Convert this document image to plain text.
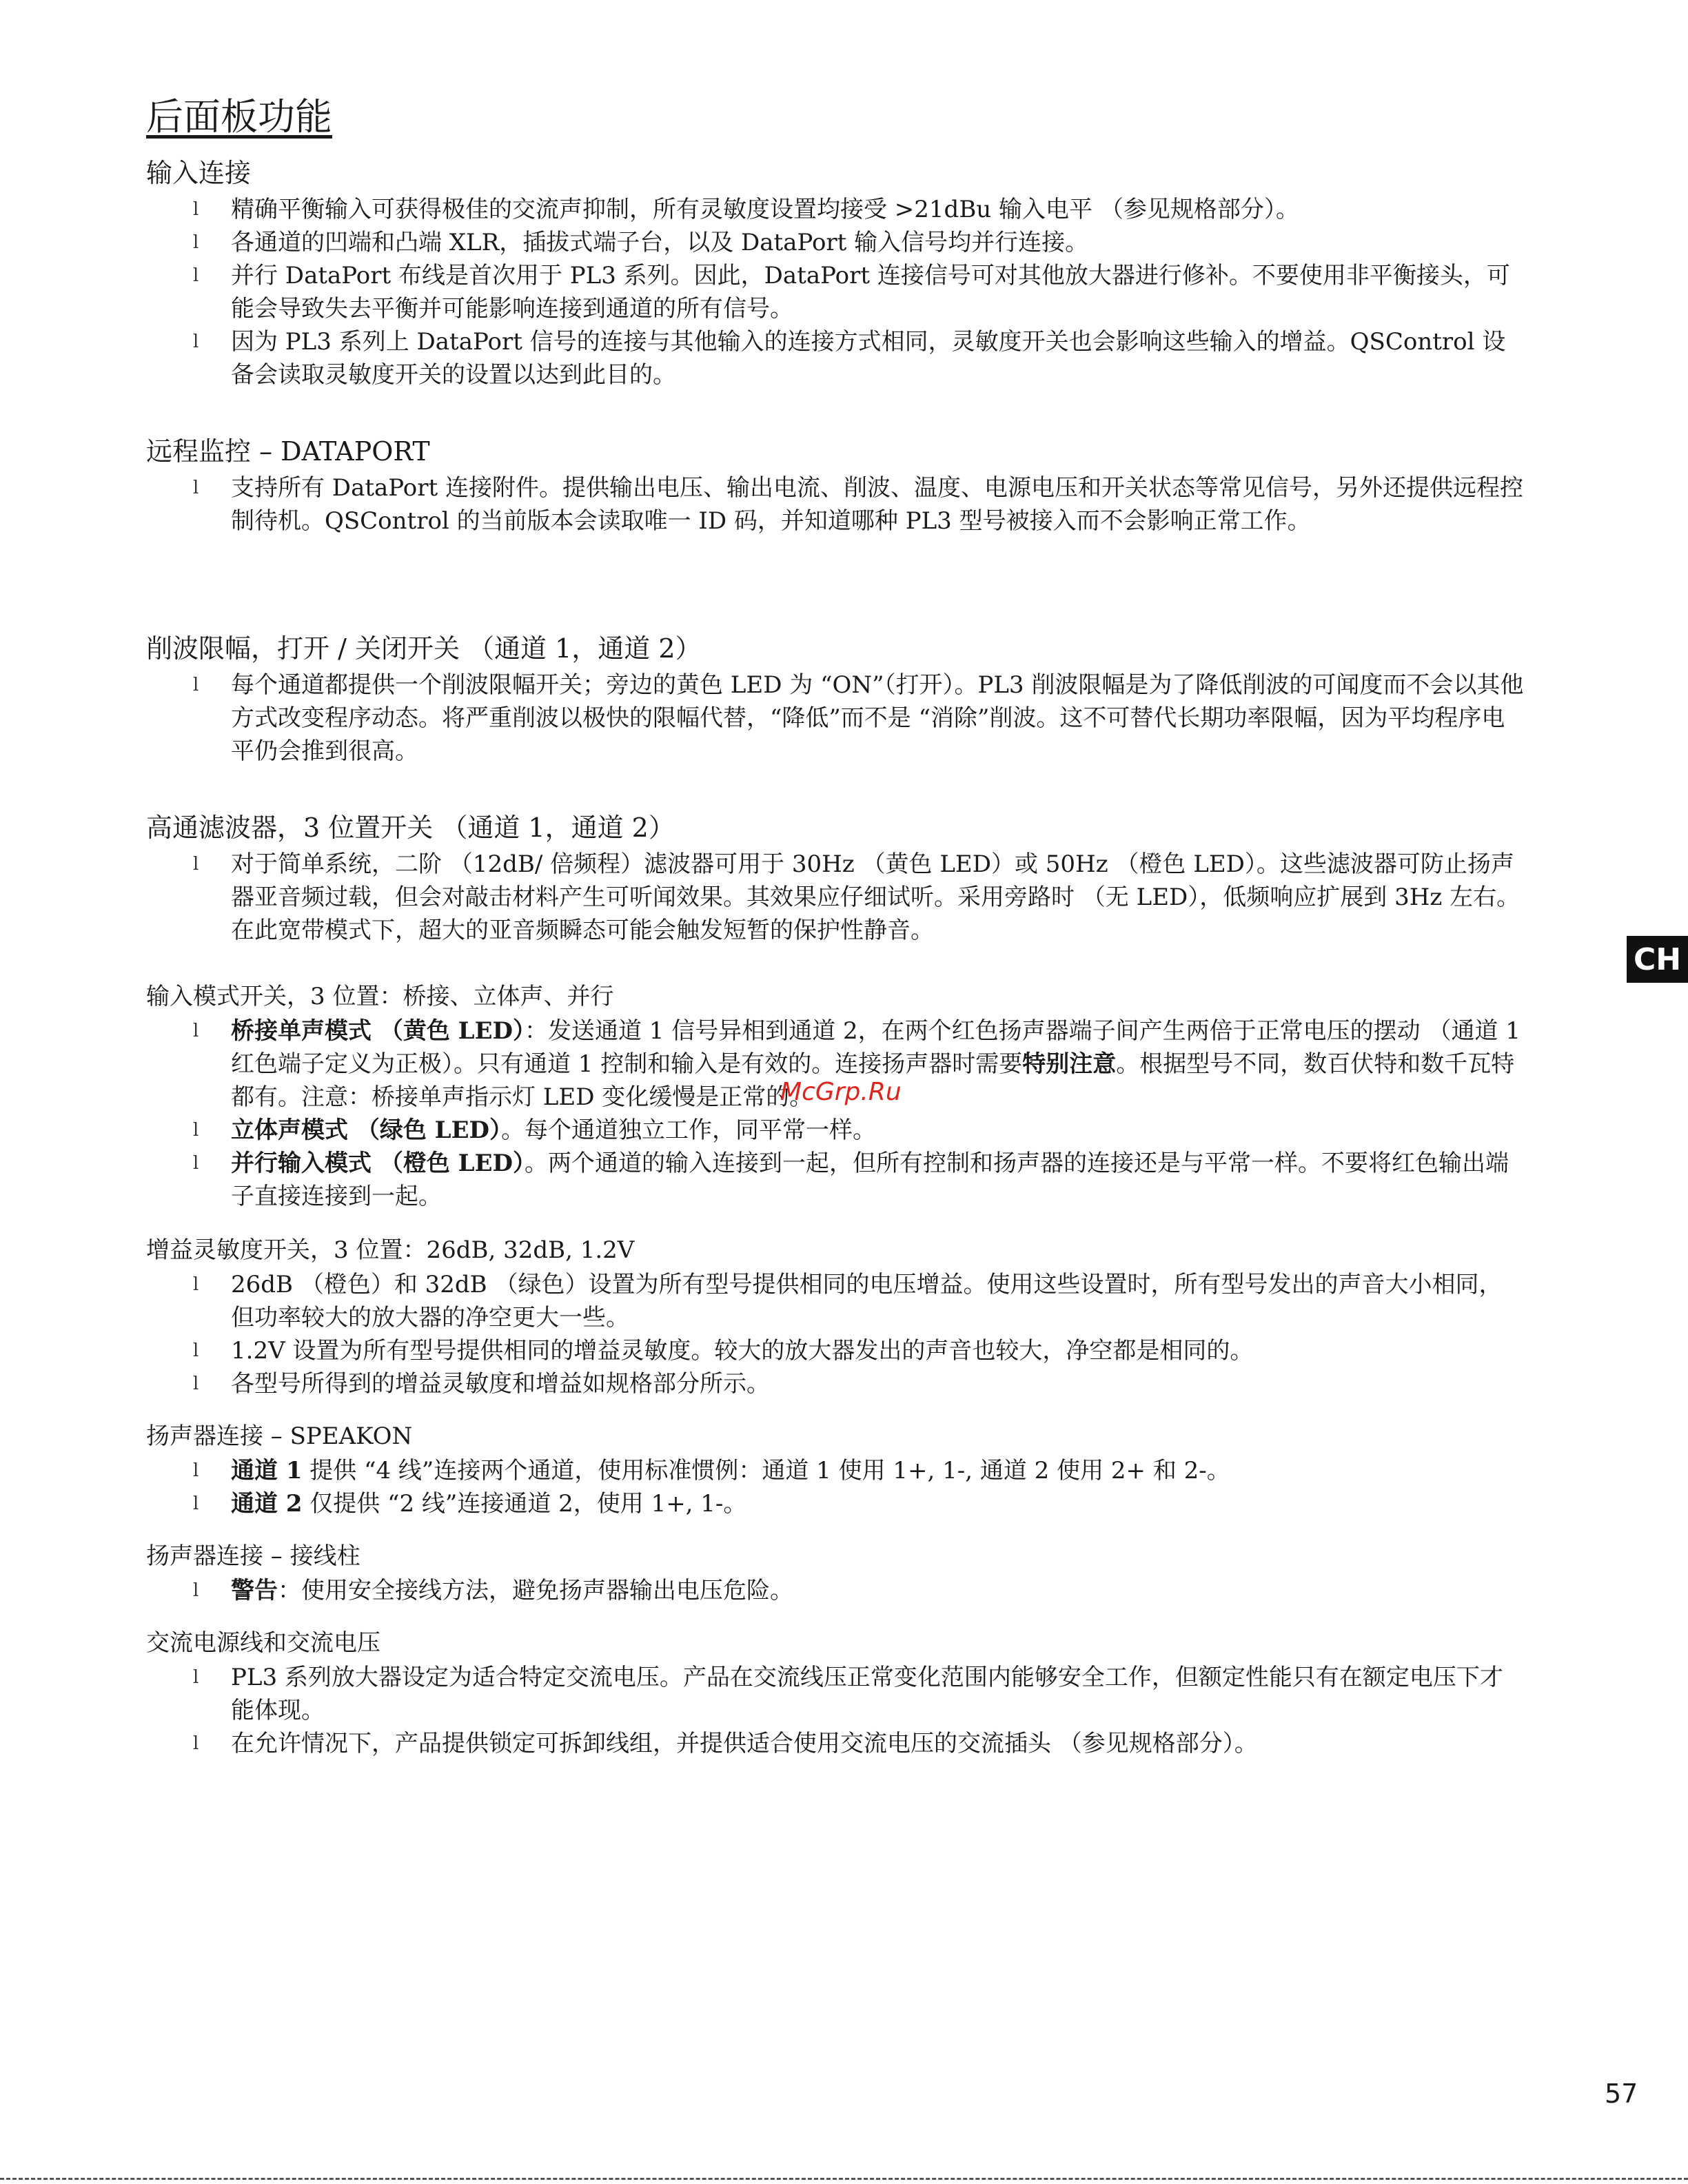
后面板功能
输入连接
l 精确平衡输入可获得极佳的交流声抑制，所有灵敏度设置均接受 >21dBu 输入电平 （参见规格部分）。
l 各通道的凹端和凸端 XLR，插拔式端子台，以及 DataPort 输入信号均并行连接。
l 并行 DataPort 布线是首次用于 PL3 系列。因此，DataPort 连接信号可对其他放大器进行修补。不要使用非平衡接头，可能会导致失去平衡并可能影响连接到通道的所有信号。
l 因为 PL3 系列上 DataPort 信号的连接与其他输入的连接方式相同，灵敏度开关也会影响这些输入的增益。QSControl 设备会读取灵敏度开关的设置以达到此目的。
远程监控 – DATAPORT
l 支持所有 DataPort 连接附件。提供输出电压、输出电流、削波、温度、电源电压和开关状态等常见信号，另外还提供远程控制待机。QSControl 的当前版本会读取唯一 ID 码，并知道哪种 PL3 型号被接入而不会影响正常工作。
削波限幅，打开 / 关闭开关 （通道 1，通道 2）
l 每个通道都提供一个削波限幅开关；旁边的黄色 LED 为 “ON”（打开）。PL3 削波限幅是为了降低削波的可闻度而不会以其他方式改变程序动态。将严重削波以极快的限幅代替，“降低”而不是 “消除”削波。这不可替代长期功率限幅，因为平均程序电平仍会推到很高。
高通滤波器，3 位置开关 （通道 1，通道 2）
l 对于简单系统，二阶 （12dB/ 倍频程）滤波器可用于 30Hz （黄色 LED）或 50Hz （橙色 LED）。这些滤波器可防止扬声器亚音频过载，但会对敲击材料产生可听闻效果。其效果应仔细试听。采用旁路时 （无 LED），低频响应扩展到 3Hz 左右。在此宽带模式下，超大的亚音频瞬态可能会触发短暂的保护性静音。
输入模式开关，3 位置：桥接、立体声、并行
l 桥接单声模式 （黄色 LED）：发送通道 1 信号异相到通道 2，在两个红色扬声器端子间产生两倍于正常电压的摆动 （通道 1 红色端子定义为正极）。只有通道 1 控制和输入是有效的。连接扬声器时需要特别注意。根据型号不同，数百伏特和数千瓦特都有。注意：桥接单声指示灯 LED 变化缓慢是正常的。
l 立体声模式 （绿色 LED）。每个通道独立工作，同平常一样。
l 并行输入模式 （橙色 LED）。两个通道的输入连接到一起，但所有控制和扬声器的连接还是与平常一样。不要将红色输出端子直接连接到一起。
增益灵敏度开关，3 位置：26dB, 32dB, 1.2V
l 26dB （橙色）和 32dB （绿色）设置为所有型号提供相同的电压增益。使用这些设置时，所有型号发出的声音大小相同，但功率较大的放大器的净空更大一些。
l 1.2V 设置为所有型号提供相同的增益灵敏度。较大的放大器发出的声音也较大，净空都是相同的。
l 各型号所得到的增益灵敏度和增益如规格部分所示。
扬声器连接 – SPEAKON
l 通道 1 提供 “4 线”连接两个通道，使用标准惯例：通道 1 使用 1+, 1-, 通道 2 使用 2+ 和 2-。
l 通道 2 仅提供 “2 线”连接通道 2，使用 1+, 1-。
扬声器连接 – 接线柱
l 警告：使用安全接线方法，避免扬声器输出电压危险。
交流电源线和交流电压
l PL3 系列放大器设定为适合特定交流电压。产品在交流线压正常变化范围内能够安全工作，但额定性能只有在额定电压下才能体现。
l 在允许情况下，产品提供锁定可拆卸线组，并提供适合使用交流电压的交流插头 （参见规格部分）。
McGrp.Ru
CH
57
